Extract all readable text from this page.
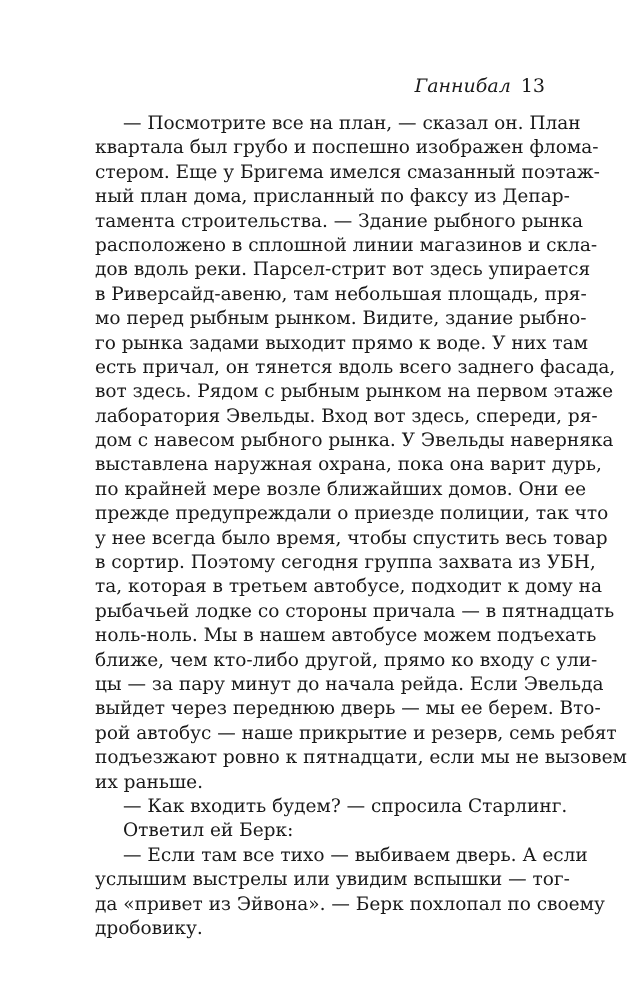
Ганнибал 13
— Посмотрите все на план, — сказал он. План
квартала был грубо и поспешно изображен фломa-
стером. Еще у Бригема имелся смазанный поэтаж-
ный план дома, присланный по факсу из Депар-
тамента строительства. — Здание рыбного рынка
расположено в сплошной линии магазинов и скла-
дов вдоль реки. Парсел-стрит вот здесь упирается
в Риверсайд-авеню, там небольшая площадь, пря-
мо перед рыбным рынком. Видите, здание рыбно-
го рынка задами выходит прямо к воде. У них там
есть причал, он тянется вдоль всего заднего фасада,
вот здесь. Рядом с рыбным рынком на первом этаже
лаборатория Эвельды. Вход вот здесь, спереди, ря-
дом с навесом рыбного рынка. У Эвельды наверняка
выставлена наружная охрана, пока она варит дурь,
по крайней мере возле ближайших домов. Они ее
прежде предупреждали о приезде полиции, так что
у нее всегда было время, чтобы спустить весь товар
в сортир. Поэтому сегодня группа захвата из УБН,
та, которая в третьем автобусе, подходит к дому на
рыбачьей лодке со стороны причала — в пятнадцать
ноль-ноль. Мы в нашем автобусе можем подъехать
ближе, чем кто-либо другой, прямо ко входу с ули-
цы — за пару минут до начала рейда. Если Эвельда
выйдет через переднюю дверь — мы ее берем. Вто-
рой автобус — наше прикрытие и резерв, семь ребят
подъезжают ровно к пятнадцати, если мы не вызовем
их раньше.
— Как входить будем? — спросила Старлинг.
Ответил ей Берк:
— Если там все тихо — выбиваем дверь. А если
услышим выстрелы или увидим вспышки — тог-
да «привет из Эйвона». — Берк похлопал по своему
дробовику.
